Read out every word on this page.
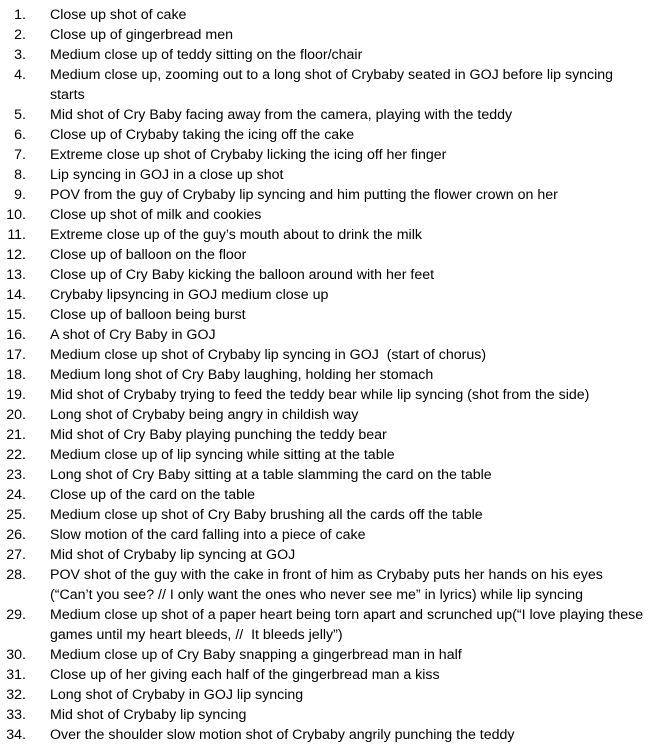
1.	Close up shot of cake
2.	Close up of gingerbread men
3.	Medium close up of teddy sitting on the floor/chair
4.	Medium close up, zooming out to a long shot of Crybaby seated in GOJ before lip syncing starts
5.	Mid shot of Cry Baby facing away from the camera, playing with the teddy
6.	Close up of Crybaby taking the icing off the cake
7.	Extreme close up shot of Crybaby licking the icing off her finger
8.	Lip syncing in GOJ in a close up shot
9.	POV from the guy of Crybaby lip syncing and him putting the flower crown on her
10.	Close up shot of milk and cookies
11.	Extreme close up of the guy’s mouth about to drink the milk
12.	Close up of balloon on the floor
13.	Close up of Cry Baby kicking the balloon around with her feet
14.	Crybaby lipsyncing in GOJ medium close up
15.	Close up of balloon being burst
16.	A shot of Cry Baby in GOJ
17.	Medium close up shot of Crybaby lip syncing in GOJ  (start of chorus)
18.	Medium long shot of Cry Baby laughing, holding her stomach
19.	Mid shot of Crybaby trying to feed the teddy bear while lip syncing (shot from the side)
20.	Long shot of Crybaby being angry in childish way
21.	Mid shot of Cry Baby playing punching the teddy bear
22.	Medium close up of lip syncing while sitting at the table
23.	Long shot of Cry Baby sitting at a table slamming the card on the table
24.	Close up of the card on the table
25.	Medium close up shot of Cry Baby brushing all the cards off the table
26.	Slow motion of the card falling into a piece of cake
27.	Mid shot of Crybaby lip syncing at GOJ
28.	POV shot of the guy with the cake in front of him as Crybaby puts her hands on his eyes (“Can’t you see? // I only want the ones who never see me” in lyrics) while lip syncing
29.	Medium close up shot of a paper heart being torn apart and scrunched up(“I love playing these games until my heart bleeds, //  It bleeds jelly”)
30.	Medium close up of Cry Baby snapping a gingerbread man in half
31.	Close up of her giving each half of the gingerbread man a kiss
32.	Long shot of Crybaby in GOJ lip syncing
33.	Mid shot of Crybaby lip syncing
34.	Over the shoulder slow motion shot of Crybaby angrily punching the teddy
